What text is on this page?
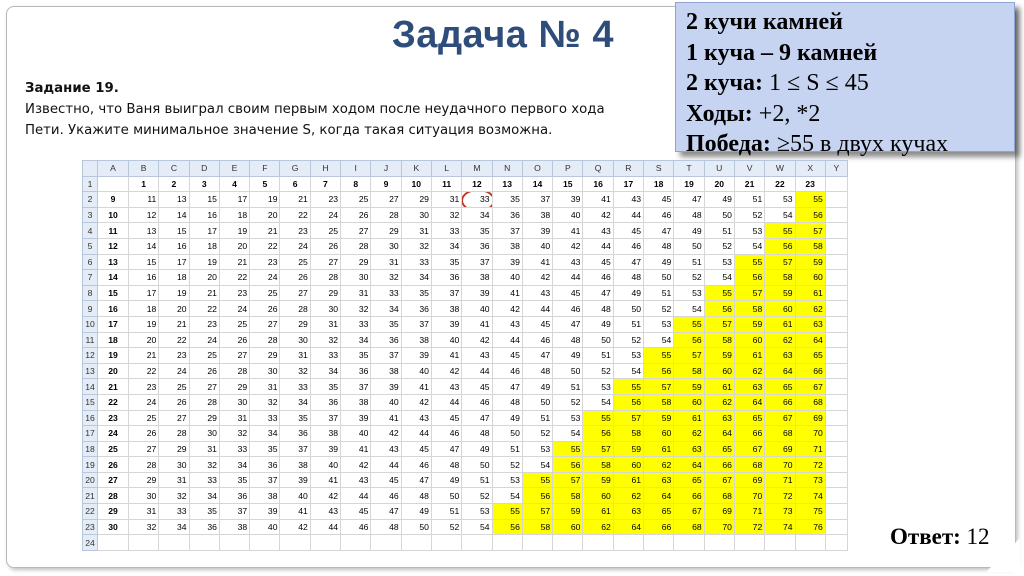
Задача № 4
Задание 19.
Известно, что Ваня выиграл своим первым ходом после неудачного первого хода
Пети. Укажите минимальное значение S, когда такая ситуация возможна.
2 кучи камней
1 куча – 9 камней
2 куча: 1 ≤ S ≤ 45
Ходы: +2, *2
Победа: ≥55 в двух кучах
	A	B	C	D	E	F	G	H	I	J	K	L	M	N	O	P	Q	R	S	T	U	V	W	X	Y
1		1	2	3	4	5	6	7	8	9	10	11	12	13	14	15	16	17	18	19	20	21	22	23	
2	9	11	13	15	17	19	21	23	25	27	29	31	33	35	37	39	41	43	45	47	49	51	53	55	
3	10	12	14	16	18	20	22	24	26	28	30	32	34	36	38	40	42	44	46	48	50	52	54	56	
4	11	13	15	17	19	21	23	25	27	29	31	33	35	37	39	41	43	45	47	49	51	53	55	57	
5	12	14	16	18	20	22	24	26	28	30	32	34	36	38	40	42	44	46	48	50	52	54	56	58	
6	13	15	17	19	21	23	25	27	29	31	33	35	37	39	41	43	45	47	49	51	53	55	57	59	
7	14	16	18	20	22	24	26	28	30	32	34	36	38	40	42	44	46	48	50	52	54	56	58	60	
8	15	17	19	21	23	25	27	29	31	33	35	37	39	41	43	45	47	49	51	53	55	57	59	61	
9	16	18	20	22	24	26	28	30	32	34	36	38	40	42	44	46	48	50	52	54	56	58	60	62	
10	17	19	21	23	25	27	29	31	33	35	37	39	41	43	45	47	49	51	53	55	57	59	61	63	
11	18	20	22	24	26	28	30	32	34	36	38	40	42	44	46	48	50	52	54	56	58	60	62	64	
12	19	21	23	25	27	29	31	33	35	37	39	41	43	45	47	49	51	53	55	57	59	61	63	65	
13	20	22	24	26	28	30	32	34	36	38	40	42	44	46	48	50	52	54	56	58	60	62	64	66	
14	21	23	25	27	29	31	33	35	37	39	41	43	45	47	49	51	53	55	57	59	61	63	65	67	
15	22	24	26	28	30	32	34	36	38	40	42	44	46	48	50	52	54	56	58	60	62	64	66	68	
16	23	25	27	29	31	33	35	37	39	41	43	45	47	49	51	53	55	57	59	61	63	65	67	69	
17	24	26	28	30	32	34	36	38	40	42	44	46	48	50	52	54	56	58	60	62	64	66	68	70	
18	25	27	29	31	33	35	37	39	41	43	45	47	49	51	53	55	57	59	61	63	65	67	69	71	
19	26	28	30	32	34	36	38	40	42	44	46	48	50	52	54	56	58	60	62	64	66	68	70	72	
20	27	29	31	33	35	37	39	41	43	45	47	49	51	53	55	57	59	61	63	65	67	69	71	73	
21	28	30	32	34	36	38	40	42	44	46	48	50	52	54	56	58	60	62	64	66	68	70	72	74	
22	29	31	33	35	37	39	41	43	45	47	49	51	53	55	57	59	61	63	65	67	69	71	73	75	
23	30	32	34	36	38	40	42	44	46	48	50	52	54	56	58	60	62	64	66	68	70	72	74	76	
24																										Ответ: 12
